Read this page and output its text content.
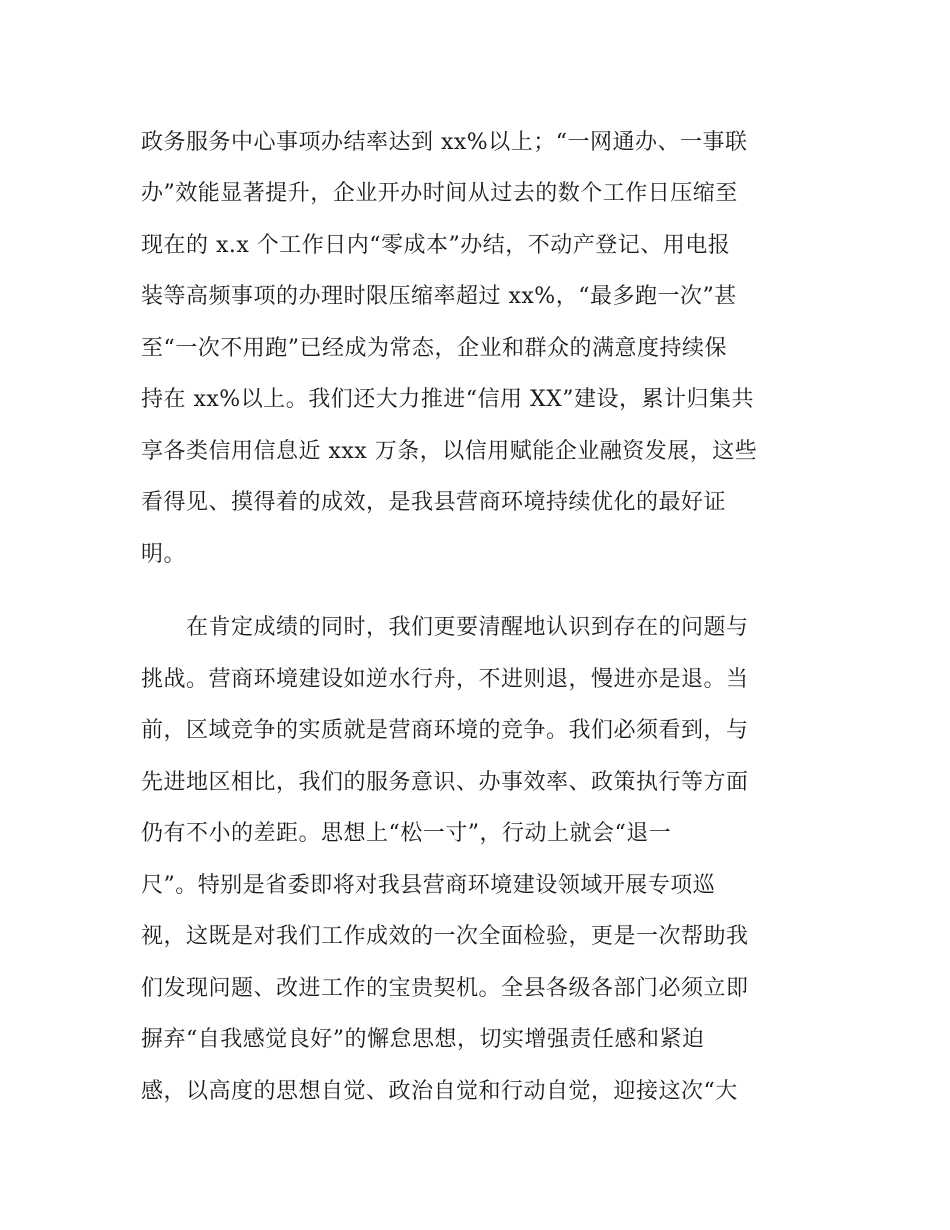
政务服务中心事项办结率达到 xx%以上；“一网通办、一事联
办”效能显著提升，企业开办时间从过去的数个工作日压缩至
现在的 x.x 个工作日内“零成本”办结，不动产登记、用电报
装等高频事项的办理时限压缩率超过 xx%，“最多跑一次”甚
至“一次不用跑”已经成为常态，企业和群众的满意度持续保
持在 xx%以上。我们还大力推进“信用 XX”建设，累计归集共
享各类信用信息近 xxx 万条，以信用赋能企业融资发展，这些
看得见、摸得着的成效，是我县营商环境持续优化的最好证
明。
　　在肯定成绩的同时，我们更要清醒地认识到存在的问题与
挑战。营商环境建设如逆水行舟，不进则退，慢进亦是退。当
前，区域竞争的实质就是营商环境的竞争。我们必须看到，与
先进地区相比，我们的服务意识、办事效率、政策执行等方面
仍有不小的差距。思想上“松一寸”，行动上就会“退一
尺”。特别是省委即将对我县营商环境建设领域开展专项巡
视，这既是对我们工作成效的一次全面检验，更是一次帮助我
们发现问题、改进工作的宝贵契机。全县各级各部门必须立即
摒弃“自我感觉良好”的懈怠思想，切实增强责任感和紧迫
感，以高度的思想自觉、政治自觉和行动自觉，迎接这次“大
